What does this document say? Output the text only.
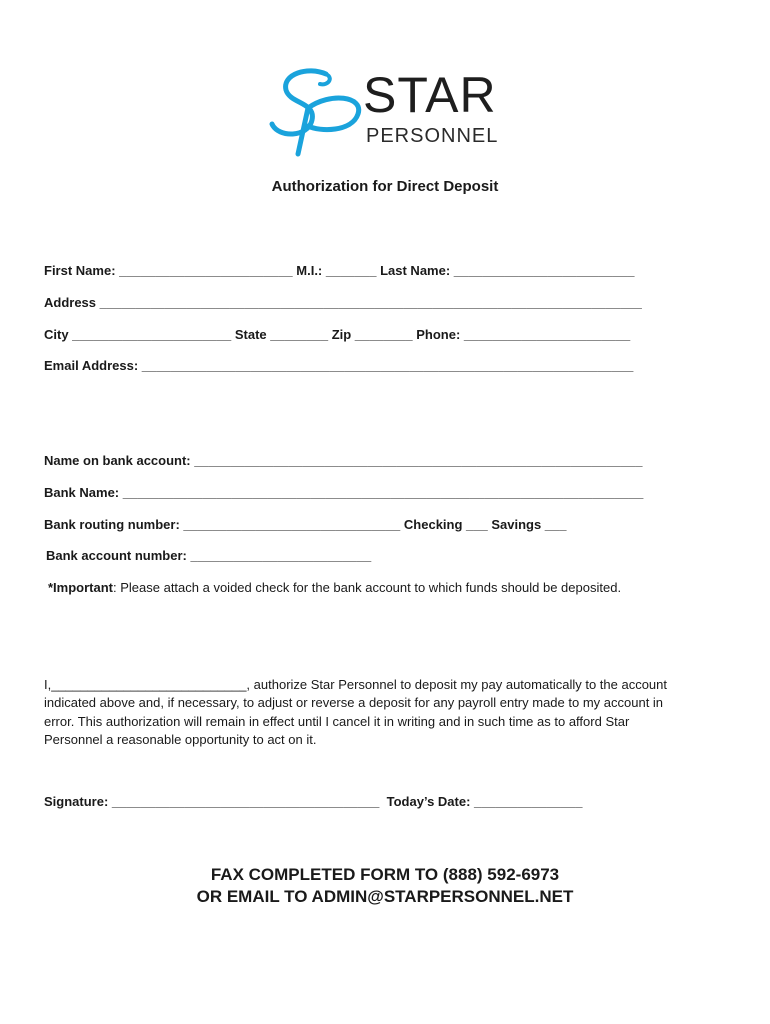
STAR
PERSONNEL
Authorization for Direct Deposit
First Name: ________________________ M.I.: _______ Last Name: _________________________
Address ___________________________________________________________________________
City ______________________ State ________ Zip ________ Phone: _______________________
Email Address: ____________________________________________________________________
Name on bank account: ______________________________________________________________
Bank Name: ________________________________________________________________________
Bank routing number: ______________________________ Checking ___ Savings ___
Bank account number: _________________________
*Important: Please attach a voided check for the bank account to which funds should be deposited.
I,___________________________, authorize Star Personnel to deposit my pay automatically to the account
indicated above and, if necessary, to adjust or reverse a deposit for any payroll entry made to my account in
error. This authorization will remain in effect until I cancel it in writing and in such time as to afford Star
Personnel a reasonable opportunity to act on it.
Signature: _____________________________________  Today’s Date: _______________
FAX COMPLETED FORM TO (888) 592-6973
OR EMAIL TO ADMIN@STARPERSONNEL.NET
